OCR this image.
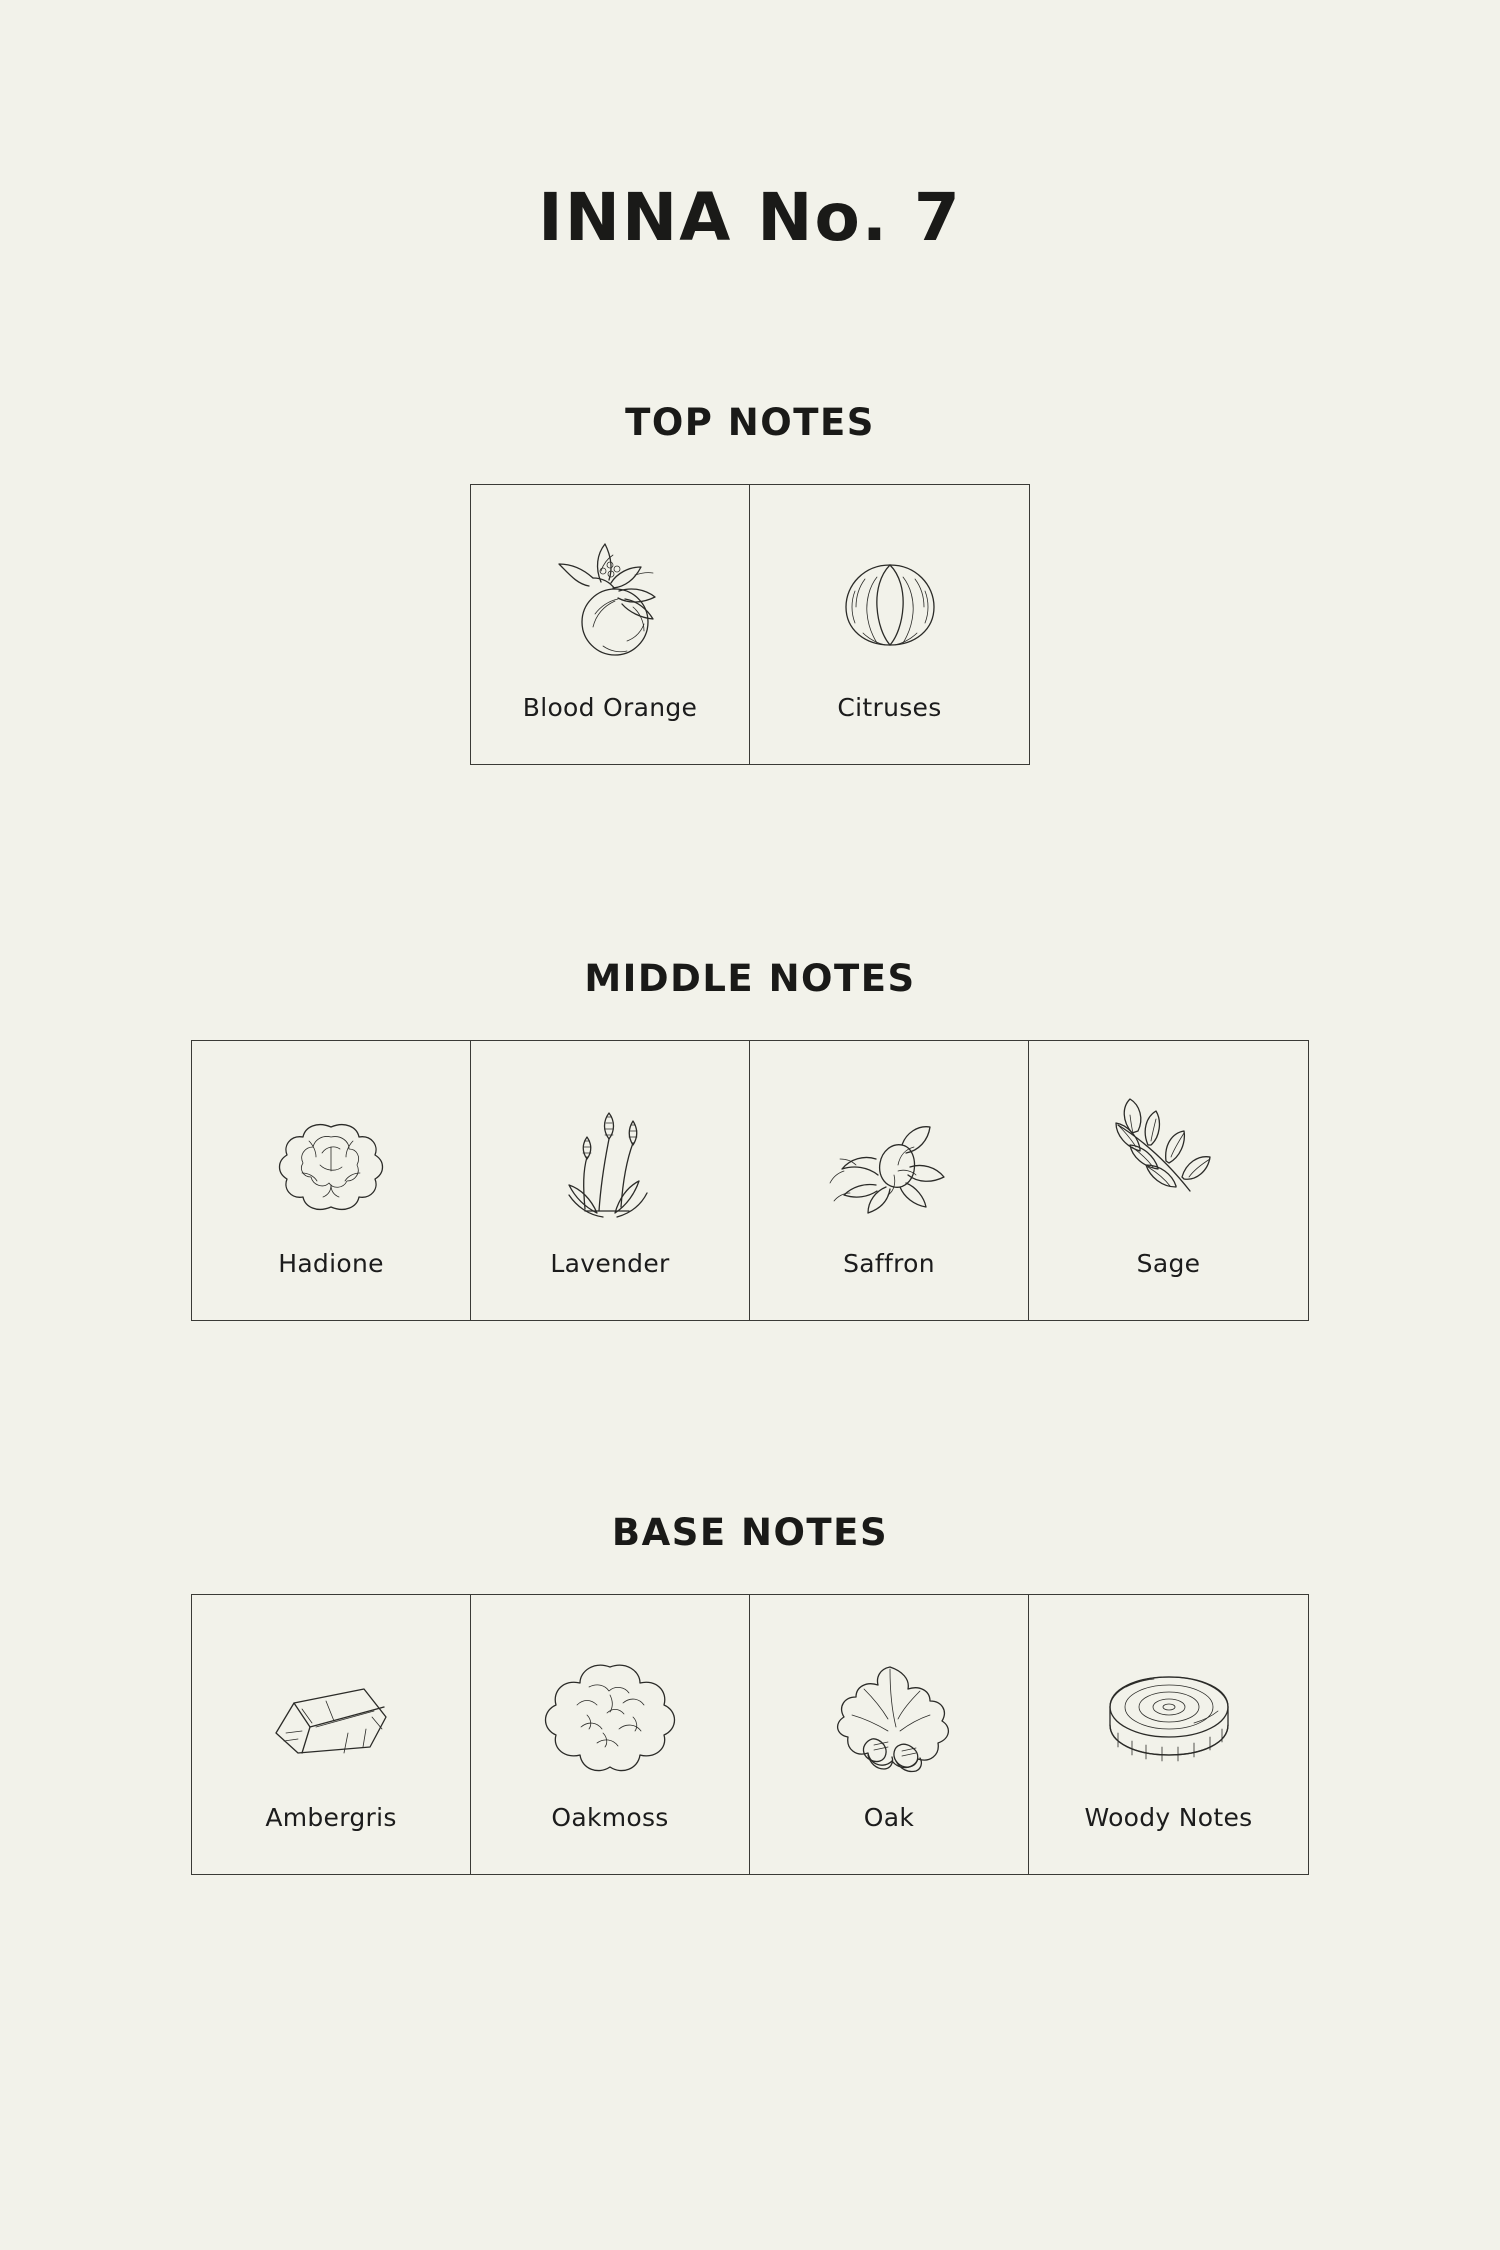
INNA No. 7
TOP NOTES
Blood Orange	Citruses
MIDDLE NOTES
Hadione	Lavender	Saffron	Sage
BASE NOTES
Ambergris	Oakmoss	Oak	Woody Notes
